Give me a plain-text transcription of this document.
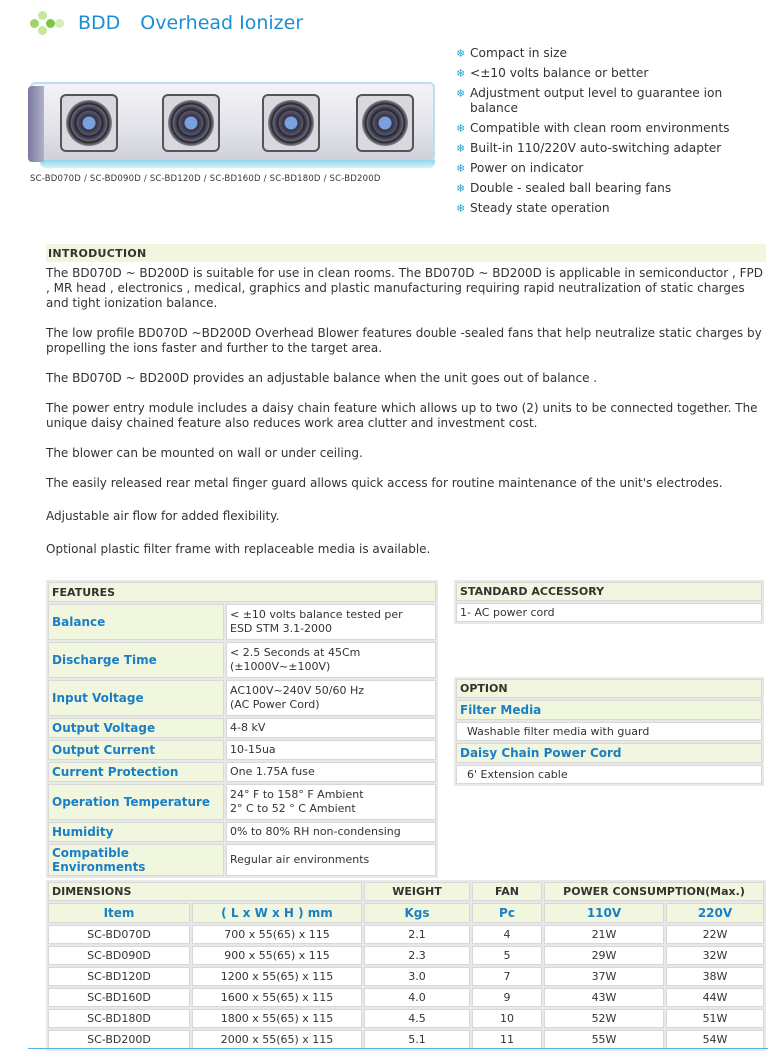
BDD Overhead Ionizer
SC-BD070D / SC-BD090D / SC-BD120D / SC-BD160D / SC-BD180D / SC-BD200D
❄ Compact in size
❄ <±10 volts balance or better
❄ Adjustment output level to guarantee ion balance
❄ Compatible with clean room environments
❄ Built-in 110/220V auto-switching adapter
❄ Power on indicator
❄ Double - sealed ball bearing fans
❄ Steady state operation
INTRODUCTION

The BD070D ~ BD200D is suitable for use in clean rooms. The BD070D ~ BD200D is applicable in semiconductor , FPD , MR head , electronics , medical, graphics and plastic manufacturing requiring rapid neutralization of static charges and tight ionization balance.

The low profile BD070D ~BD200D Overhead Blower features double -sealed fans that help neutralize static charges by propelling the ions faster and further to the target area.

The BD070D ~ BD200D provides an adjustable balance when the unit goes out of balance .

The power entry module includes a daisy chain feature which allows up to two (2) units to be connected together. The unique daisy chained feature also reduces work area clutter and investment cost.

The blower can be mounted on wall or under ceiling.

The easily released rear metal finger guard allows quick access for routine maintenance of the unit's electrodes.

Adjustable air flow for added flexibility.

Optional plastic filter frame with replaceable media is available.

FEATURES	
Balance	< ±10 volts balance tested per
ESD STM 3.1-2000

Discharge Time	< 2.5 Seconds at 45Cm
(±1000V~±100V)

Input Voltage	AC100V~240V 50/60 Hz
(AC Power Cord)

Output Voltage	4-8 kV
Output Current	10-15ua
Current Protection	One 1.75A fuse
Operation Temperature	24° F to 158° F Ambient
2° C to 52 ° C Ambient

Humidity	0% to 80% RH non-condensing
Compatible Environments	Regular air environments
STANDARD ACCESSORY
1- AC power cord
OPTION
Filter Media
Washable filter media with guard
Daisy Chain Power Cord
6' Extension cable
DIMENSIONS		WEIGHT	FAN	POWER CONSUMPTION(Max.)	
Item	( L x W x H ) mm	Kgs	Pc	110V	220V
SC-BD070D	700 x 55(65) x 115	2.1	4	21W	22W
SC-BD090D	900 x 55(65) x 115	2.3	5	29W	32W
SC-BD120D	1200 x 55(65) x 115	3.0	7	37W	38W
SC-BD160D	1600 x 55(65) x 115	4.0	9	43W	44W
SC-BD180D	1800 x 55(65) x 115	4.5	10	52W	51W
SC-BD200D	2000 x 55(65) x 115	5.1	11	55W	54W
